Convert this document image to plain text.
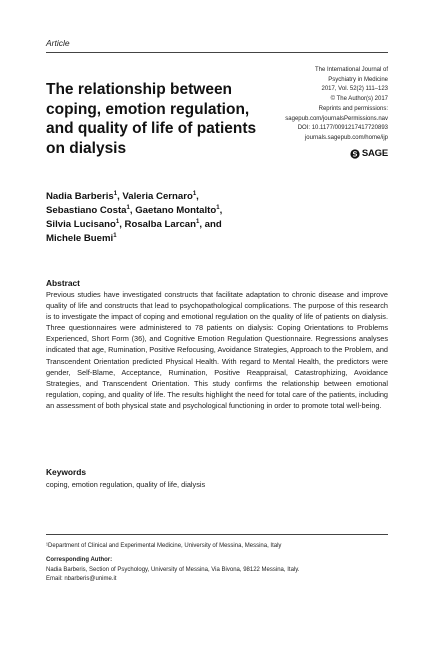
Article
The relationship between coping, emotion regulation, and quality of life of patients on dialysis
The International Journal of
Psychiatry in Medicine
2017, Vol. 52(2) 111–123
© The Author(s) 2017
Reprints and permissions:
sagepub.com/journalsPermissions.nav
DOI: 10.1177/0091217417720893
journals.sagepub.com/home/ijp
SAGE
Nadia Barberis$^1$, Valeria Cernaro$^1$,
Sebastiano Costa$^1$, Gaetano Montalto$^1$,
Silvia Lucisano$^1$, Rosalba Larcan$^1$, and
Michele Buemi$^1$
Abstract
Previous studies have investigated constructs that facilitate adaptation to chronic disease and improve quality of life and constructs that lead to psychopathological complications. The purpose of this research is to investigate the impact of coping and emotional regulation on the quality of life of patients on dialysis. Three questionnaires were administered to 78 patients on dialysis: Coping Orientations to Problems Experienced, Short Form (36), and Cognitive Emotion Regulation Questionnaire. Regressions analyses indicated that age, Rumination, Positive Refocusing, Avoidance Strategies, Approach to the Problem, and Transcendent Orientation predicted Physical Health. With regard to Mental Health, the predictors were gender, Self-Blame, Acceptance, Rumination, Positive Reappraisal, Catastrophizing, Avoidance Strategies, and Transcendent Orientation. This study confirms the relationship between emotional regulation, coping, and quality of life. The results highlight the need for total care of the patients, including an assessment of both physical state and psychological functioning in order to promote total well-being.
Keywords
coping, emotion regulation, quality of life, dialysis
¹Department of Clinical and Experimental Medicine, University of Messina, Messina, Italy
Corresponding Author:
Nadia Barberis, Section of Psychology, University of Messina, Via Bivona, 98122 Messina, Italy.
Email: nbarberis@unime.it
